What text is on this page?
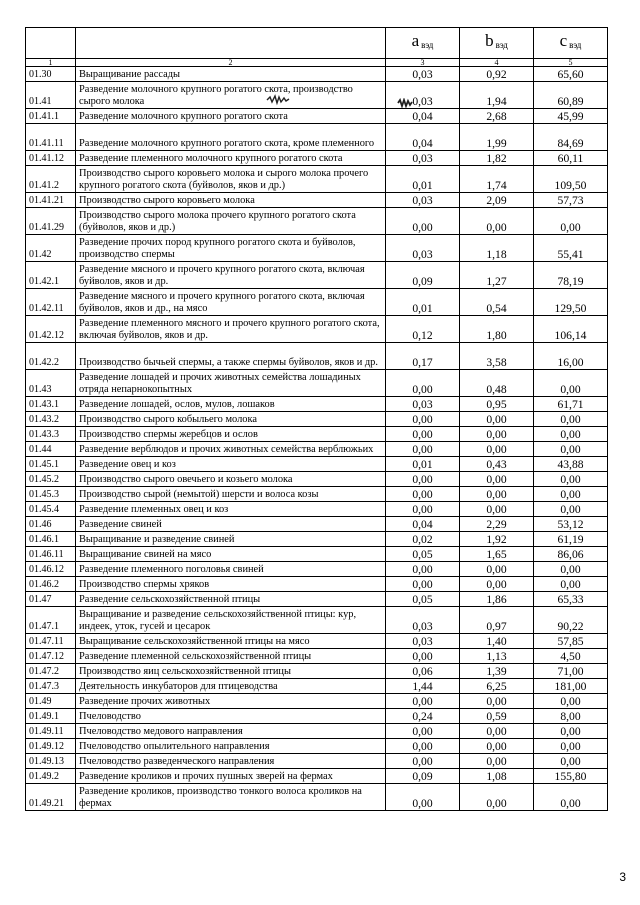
		a $_{вэд}$	b $_{вэд}$	c $_{вэд}$
1	2	3	4	5
01.30	Выращивание рассады	0,03	0,92	65,60
01.41	Разведение молочного крупного рогатого скота, производство сырого молока	0,03	1,94	60,89
01.41.1	Разведение молочного крупного рогатого скота	0,04	2,68	45,99
01.41.11	Разведение молочного крупного рогатого скота, кроме племенного	0,04	1,99	84,69
01.41.12	Разведение племенного молочного крупного рогатого скота	0,03	1,82	60,11
01.41.2	Производство сырого коровьего молока и сырого молока прочего крупного рогатого скота (буйволов, яков и др.)	0,01	1,74	109,50
01.41.21	Производство сырого коровьего молока	0,03	2,09	57,73
01.41.29	Производство сырого молока прочего крупного рогатого скота (буйволов, яков и др.)	0,00	0,00	0,00
01.42	Разведение прочих пород крупного рогатого скота и буйволов, производство спермы	0,03	1,18	55,41
01.42.1	Разведение мясного и прочего крупного рогатого скота, включая буйволов, яков и др.	0,09	1,27	78,19
01.42.11	Разведение мясного и прочего крупного рогатого скота, включая буйволов, яков и др., на мясо	0,01	0,54	129,50
01.42.12	Разведение племенного мясного и прочего крупного рогатого скота, включая буйволов, яков и др.	0,12	1,80	106,14
01.42.2	Производство бычьей спермы, а также спермы буйволов, яков и др.	0,17	3,58	16,00
01.43	Разведение лошадей и прочих животных семейства лошадиных отряда непарнокопытных	0,00	0,48	0,00
01.43.1	Разведение лошадей, ослов, мулов, лошаков	0,03	0,95	61,71
01.43.2	Производство сырого кобыльего молока	0,00	0,00	0,00
01.43.3	Производство спермы жеребцов и ослов	0,00	0,00	0,00
01.44	Разведение верблюдов и прочих животных семейства верблюжьих	0,00	0,00	0,00
01.45.1	Разведение овец и коз	0,01	0,43	43,88
01.45.2	Производство сырого овечьего и козьего молока	0,00	0,00	0,00
01.45.3	Производство сырой (немытой) шерсти и волоса козы	0,00	0,00	0,00
01.45.4	Разведение племенных овец и коз	0,00	0,00	0,00
01.46	Разведение свиней	0,04	2,29	53,12
01.46.1	Выращивание и разведение свиней	0,02	1,92	61,19
01.46.11	Выращивание свиней на мясо	0,05	1,65	86,06
01.46.12	Разведение племенного поголовья свиней	0,00	0,00	0,00
01.46.2	Производство спермы хряков	0,00	0,00	0,00
01.47	Разведение сельскохозяйственной птицы	0,05	1,86	65,33
01.47.1	Выращивание и разведение сельскохозяйственной птицы: кур, индеек, уток, гусей и цесарок	0,03	0,97	90,22
01.47.11	Выращивание сельскохозяйственной птицы на мясо	0,03	1,40	57,85
01.47.12	Разведение племенной сельскохозяйственной птицы	0,00	1,13	4,50
01.47.2	Производство яиц сельскохозяйственной птицы	0,06	1,39	71,00
01.47.3	Деятельность инкубаторов для птицеводства	1,44	6,25	181,00
01.49	Разведение прочих животных	0,00	0,00	0,00
01.49.1	Пчеловодство	0,24	0,59	8,00
01.49.11	Пчеловодство медового направления	0,00	0,00	0,00
01.49.12	Пчеловодство опылительного направления	0,00	0,00	0,00
01.49.13	Пчеловодство разведенческого направления	0,00	0,00	0,00
01.49.2	Разведение кроликов и прочих пушных зверей на фермах	0,09	1,08	155,80
01.49.21	Разведение кроликов, производство тонкого волоса кроликов на фермах	0,00	0,00	0,00
3
